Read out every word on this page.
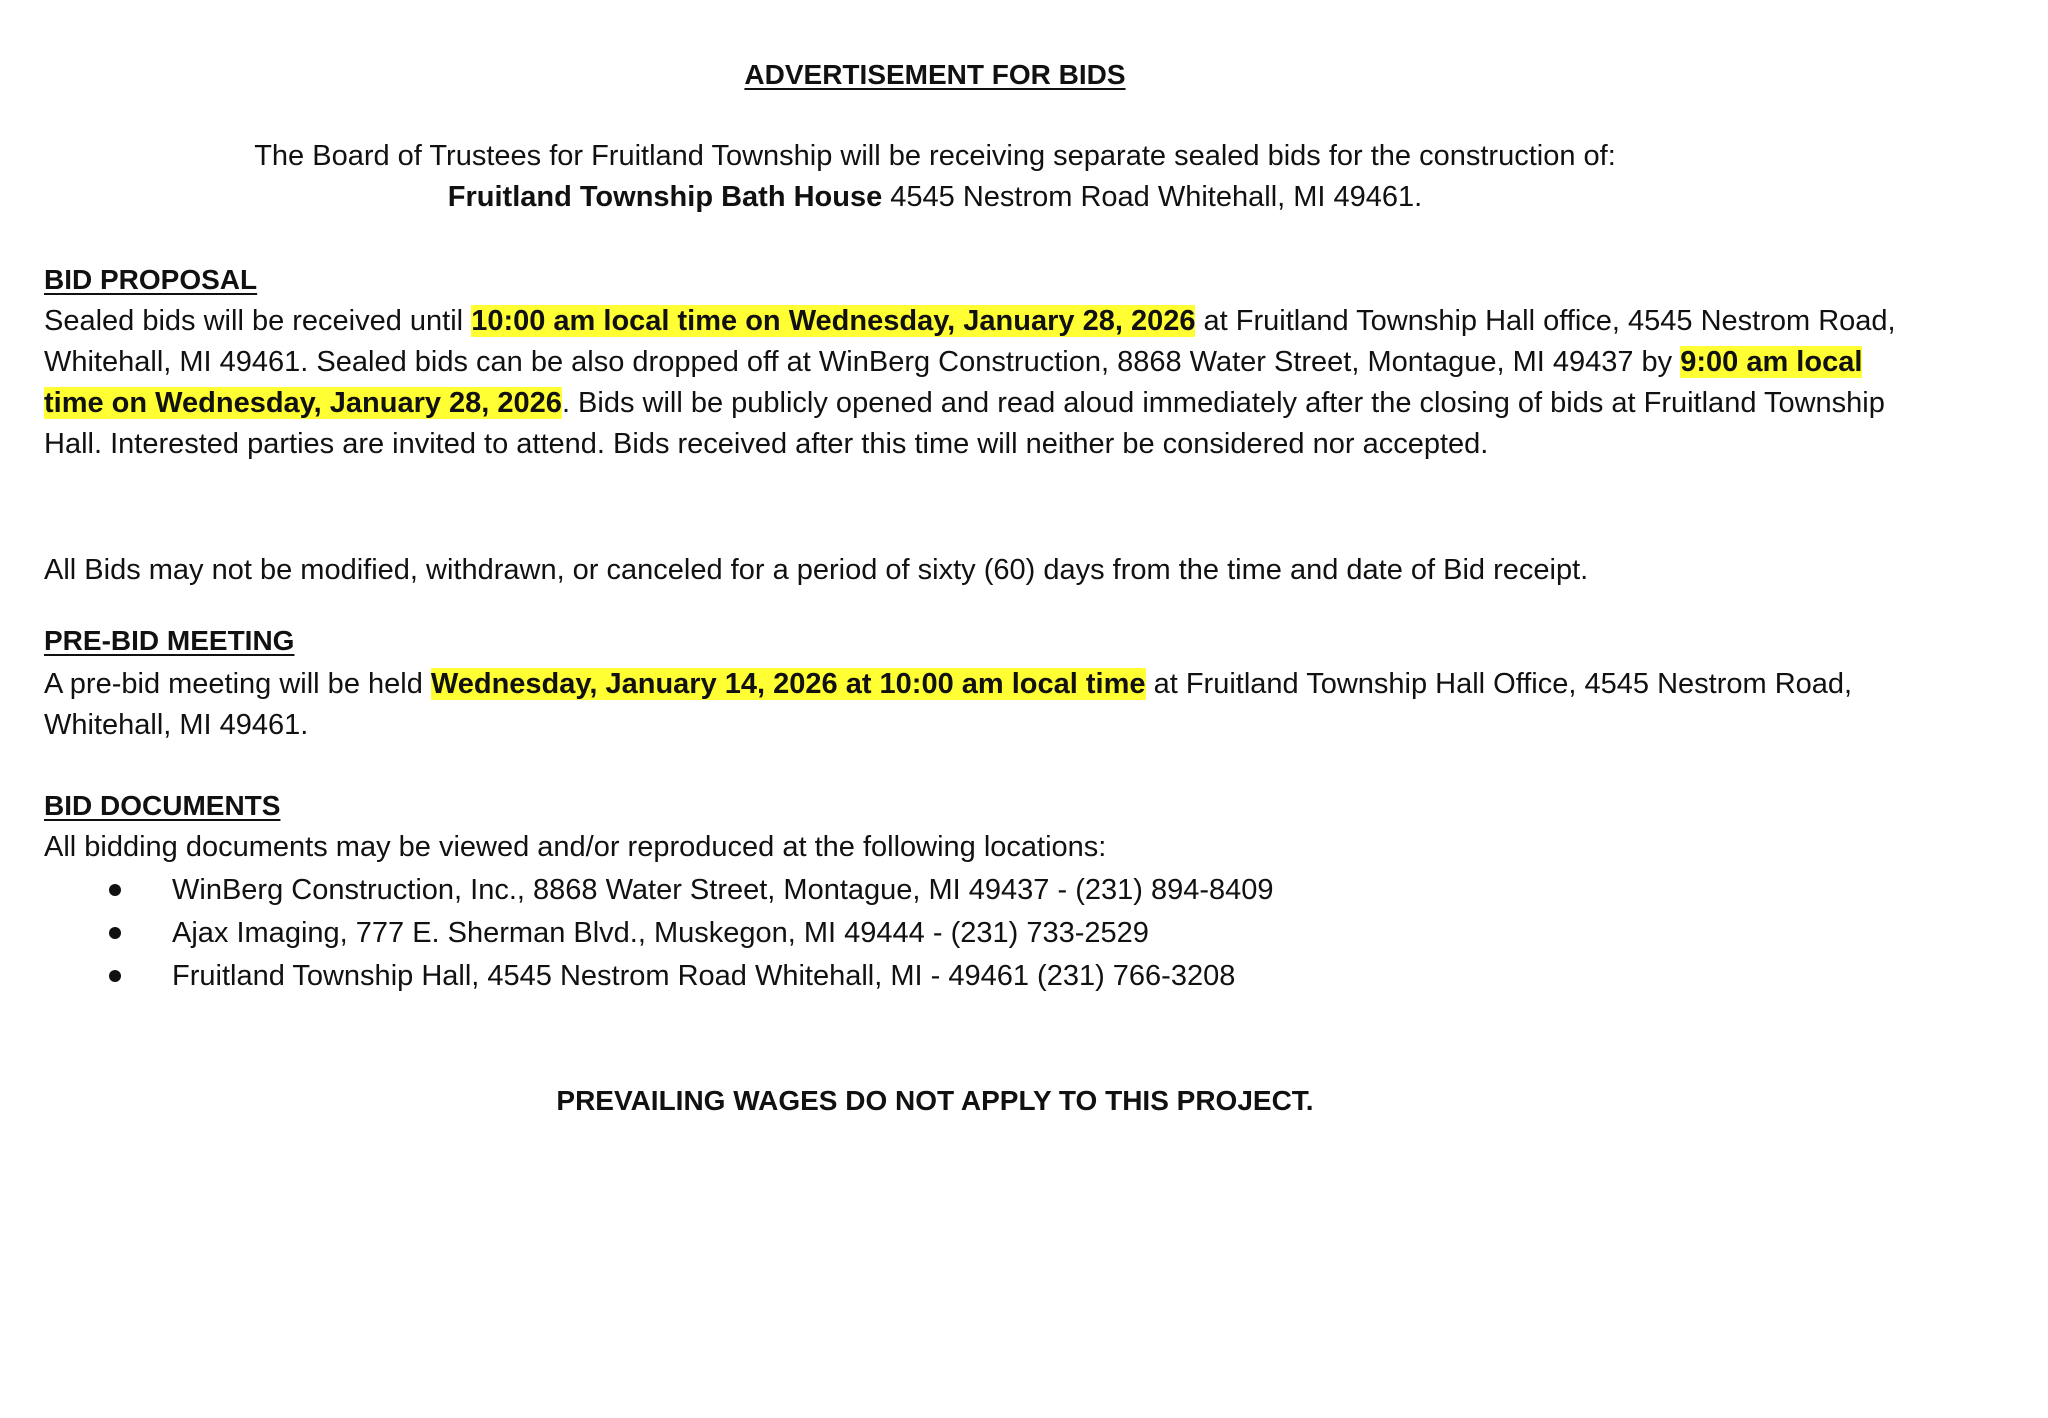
ADVERTISEMENT FOR BIDS
The Board of Trustees for Fruitland Township will be receiving separate sealed bids for the construction of:
Fruitland Township Bath House 4545 Nestrom Road Whitehall, MI 49461.
BID PROPOSAL
Sealed bids will be received until 10:00 am local time on Wednesday, January 28, 2026 at Fruitland Township Hall office, 4545 Nestrom Road,
Whitehall, MI 49461. Sealed bids can be also dropped off at WinBerg Construction, 8868 Water Street, Montague, MI 49437 by 9:00 am local
time on Wednesday, January 28, 2026. Bids will be publicly opened and read aloud immediately after the closing of bids at Fruitland Township
Hall. Interested parties are invited to attend. Bids received after this time will neither be considered nor accepted.
All Bids may not be modified, withdrawn, or canceled for a period of sixty (60) days from the time and date of Bid receipt.
PRE-BID MEETING
A pre-bid meeting will be held Wednesday, January 14, 2026 at 10:00 am local time at Fruitland Township Hall Office, 4545 Nestrom Road,
Whitehall, MI 49461.
BID DOCUMENTS
All bidding documents may be viewed and/or reproduced at the following locations:
WinBerg Construction, Inc., 8868 Water Street, Montague, MI 49437 - (231) 894-8409
Ajax Imaging, 777 E. Sherman Blvd., Muskegon, MI 49444 - (231) 733-2529
Fruitland Township Hall, 4545 Nestrom Road Whitehall, MI - 49461 (231) 766-3208
PREVAILING WAGES DO NOT APPLY TO THIS PROJECT.
